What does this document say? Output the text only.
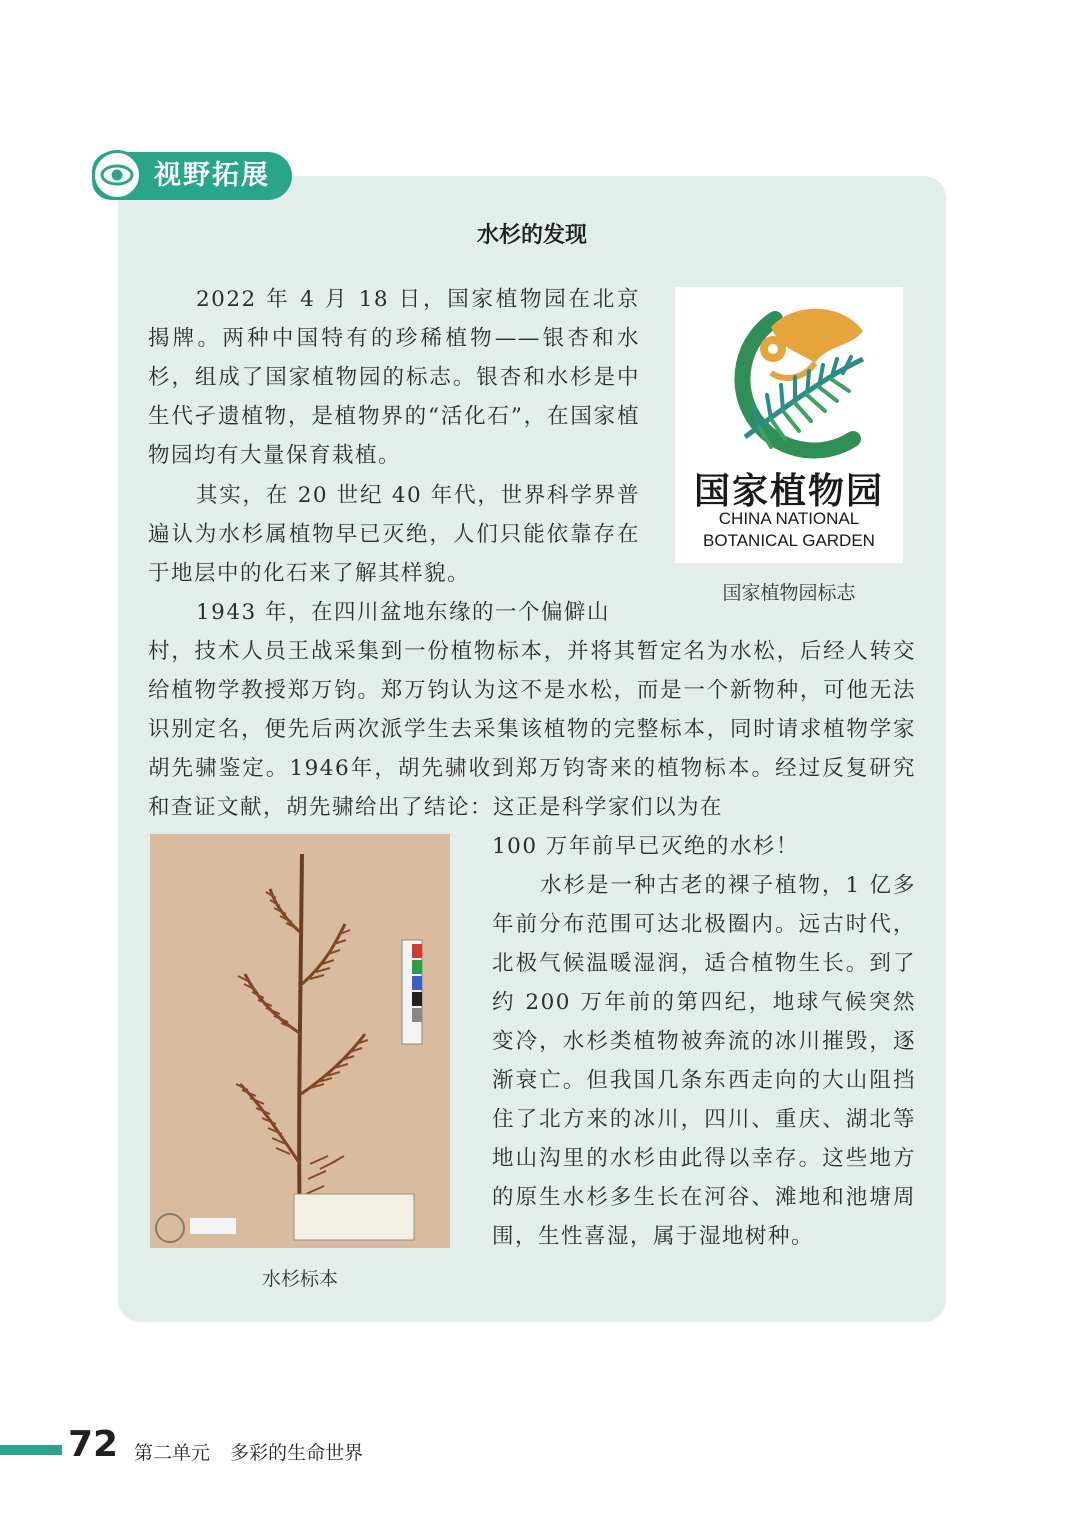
视野拓展
水杉的发现

2022 年 4 月 18 日，国家植物园在北京揭牌。两种中国特有的珍稀植物——银杏和水杉，组成了国家植物园的标志。银杏和水杉是中生代孑遗植物，是植物界的“活化石”，在国家植物园均有大量保育栽植。

其实，在 20 世纪 40 年代，世界科学界普遍认为水杉属植物早已灭绝，人们只能依靠存在于地层中的化石来了解其样貌。

1943 年，在四川盆地东缘的一个偏僻山

村，技术人员王战采集到一份植物标本，并将其暂定名为水松，后经人转交给植物学教授郑万钧。郑万钧认为这不是水松，而是一个新物种，可他无法识别定名，便先后两次派学生去采集该植物的完整标本，同时请求植物学家胡先骕鉴定。1946年，胡先骕收到郑万钧寄来的植物标本。经过反复研究和查证文献，胡先骕给出了结论：这正是科学家们以为在

100 万年前早已灭绝的水杉！

水杉是一种古老的裸子植物，1 亿多年前分布范围可达北极圈内。远古时代，北极气候温暖湿润，适合植物生长。到了约 200 万年前的第四纪，地球气候突然变冷，水杉类植物被奔流的冰川摧毁，逐渐衰亡。但我国几条东西走向的大山阻挡住了北方来的冰川，四川、重庆、湖北等地山沟里的水杉由此得以幸存。这些地方的原生水杉多生长在河谷、滩地和池塘周围，生性喜湿，属于湿地树种。

国家植物园
CHINA NATIONAL
BOTANICAL GARDEN
国家植物园标志
水杉标本
72 第二单元 多彩的生命世界
